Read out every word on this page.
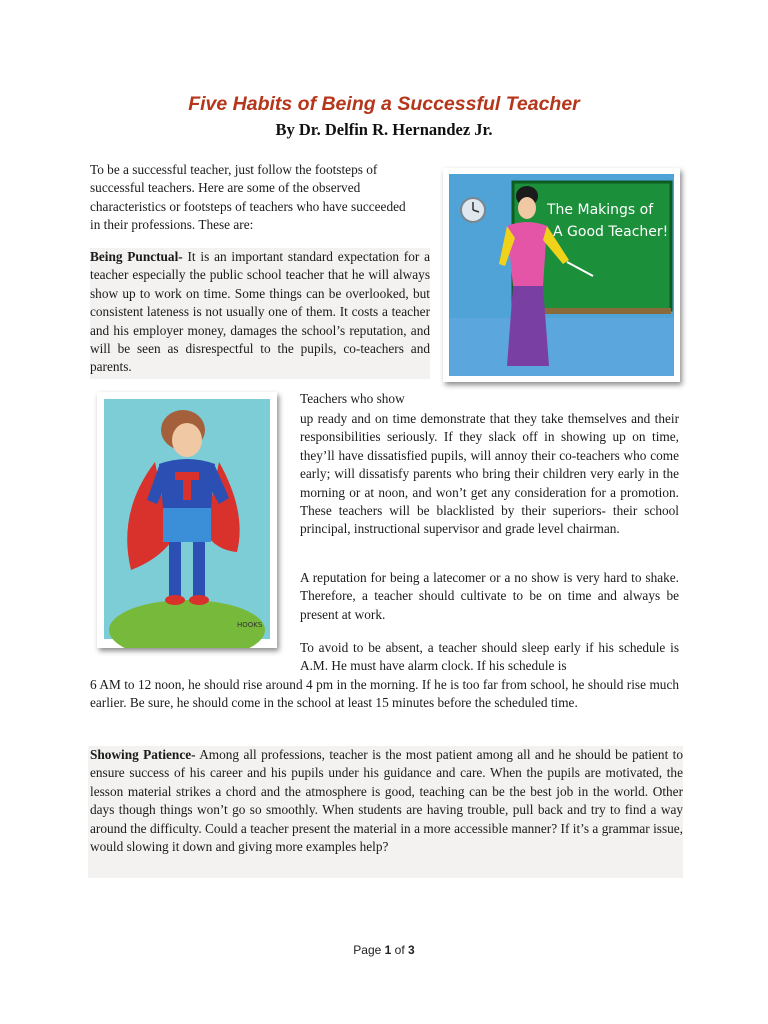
Five Habits of Being a Successful Teacher

By Dr. Delfin R. Hernandez Jr.

To be a successful teacher, just follow the footsteps of successful teachers. Here are some of the observed characteristics or footsteps of teachers who have succeeded in their professions. These are:

Being Punctual- It is an important standard expectation for a teacher especially the public school teacher that he will always show up to work on time. Some things can be overlooked, but consistent lateness is not usually one of them. It costs a teacher and his employer money, damages the school’s reputation, and will be seen as disrespectful to the pupils, co-teachers and parents.

The Makings of
A Good Teacher!
HOOKS

Teachers who show

up ready and on time demonstrate that they take themselves and their responsibilities seriously. If they slack off in showing up on time, they’ll have dissatisfied pupils, will annoy their co-teachers who come early; will dissatisfy parents who bring their children very early in the morning or at noon, and won’t get any consideration for a promotion. These teachers will be blacklisted by their superiors- their school principal, instructional supervisor and grade level chairman.

A reputation for being a latecomer or a no show is very hard to shake. Therefore, a teacher should cultivate to be on time and always be present at work.

To avoid to be absent, a teacher should sleep early if his schedule is A.M. He must have alarm clock. If his schedule is

6 AM to 12 noon, he should rise around 4 pm in the morning. If he is too far from school, he should rise much earlier. Be sure, he should come in the school at least 15 minutes before the scheduled time.

Showing Patience- Among all professions, teacher is the most patient among all and he should be patient to ensure success of his career and his pupils under his guidance and care. When the pupils are motivated, the lesson material strikes a chord and the atmosphere is good, teaching can be the best job in the world. Other days though things won’t go so smoothly. When students are having trouble, pull back and try to find a way around the difficulty. Could a teacher present the material in a more accessible manner? If it’s a grammar issue, would slowing it down and giving more examples help?

Page 1 of 3
